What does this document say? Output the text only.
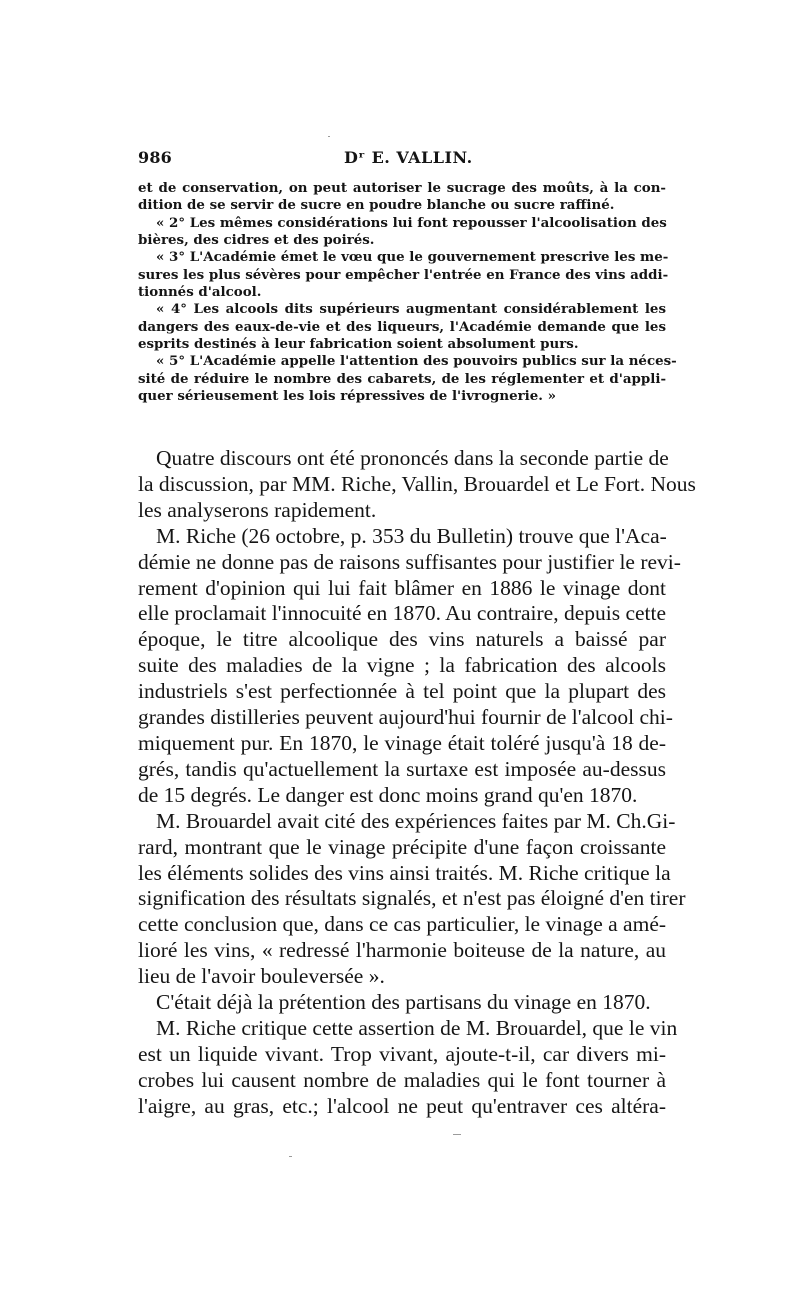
986	Dʳ E. VALLIN.
et de conservation, on peut autoriser le sucrage des moûts, à la con-
dition de se servir de sucre en poudre blanche ou sucre raffiné.
« 2° Les mêmes considérations lui font repousser l'alcoolisation des
bières, des cidres et des poirés.
« 3° L'Académie émet le vœu que le gouvernement prescrive les me-
sures les plus sévères pour empêcher l'entrée en France des vins addi-
tionnés d'alcool.
« 4° Les alcools dits supérieurs augmentant considérablement les
dangers des eaux-de-vie et des liqueurs, l'Académie demande que les
esprits destinés à leur fabrication soient absolument purs.
« 5° L'Académie appelle l'attention des pouvoirs publics sur la néces-
sité de réduire le nombre des cabarets, de les réglementer et d'appli-
quer sérieusement les lois répressives de l'ivrognerie. »
Quatre discours ont été prononcés dans la seconde partie de
la discussion, par MM. Riche, Vallin, Brouardel et Le Fort. Nous
les analyserons rapidement.
M. Riche (26 octobre, p. 353 du Bulletin) trouve que l'Aca-
démie ne donne pas de raisons suffisantes pour justifier le revi-
rement d'opinion qui lui fait blâmer en 1886 le vinage dont
elle proclamait l'innocuité en 1870. Au contraire, depuis cette
époque, le titre alcoolique des vins naturels a baissé par
suite des maladies de la vigne ; la fabrication des alcools
industriels s'est perfectionnée à tel point que la plupart des
grandes distilleries peuvent aujourd'hui fournir de l'alcool chi-
miquement pur. En 1870, le vinage était toléré jusqu'à 18 de-
grés, tandis qu'actuellement la surtaxe est imposée au-dessus
de 15 degrés. Le danger est donc moins grand qu'en 1870.
M. Brouardel avait cité des expériences faites par M. Ch.Gi-
rard, montrant que le vinage précipite d'une façon croissante
les éléments solides des vins ainsi traités. M. Riche critique la
signification des résultats signalés, et n'est pas éloigné d'en tirer
cette conclusion que, dans ce cas particulier, le vinage a amé-
lioré les vins, « redressé l'harmonie boiteuse de la nature, au
lieu de l'avoir bouleversée ».
C'était déjà la prétention des partisans du vinage en 1870.
M. Riche critique cette assertion de M. Brouardel, que le vin
est un liquide vivant. Trop vivant, ajoute-t-il, car divers mi-
crobes lui causent nombre de maladies qui le font tourner à
l'aigre, au gras, etc.; l'alcool ne peut qu'entraver ces altéra-
